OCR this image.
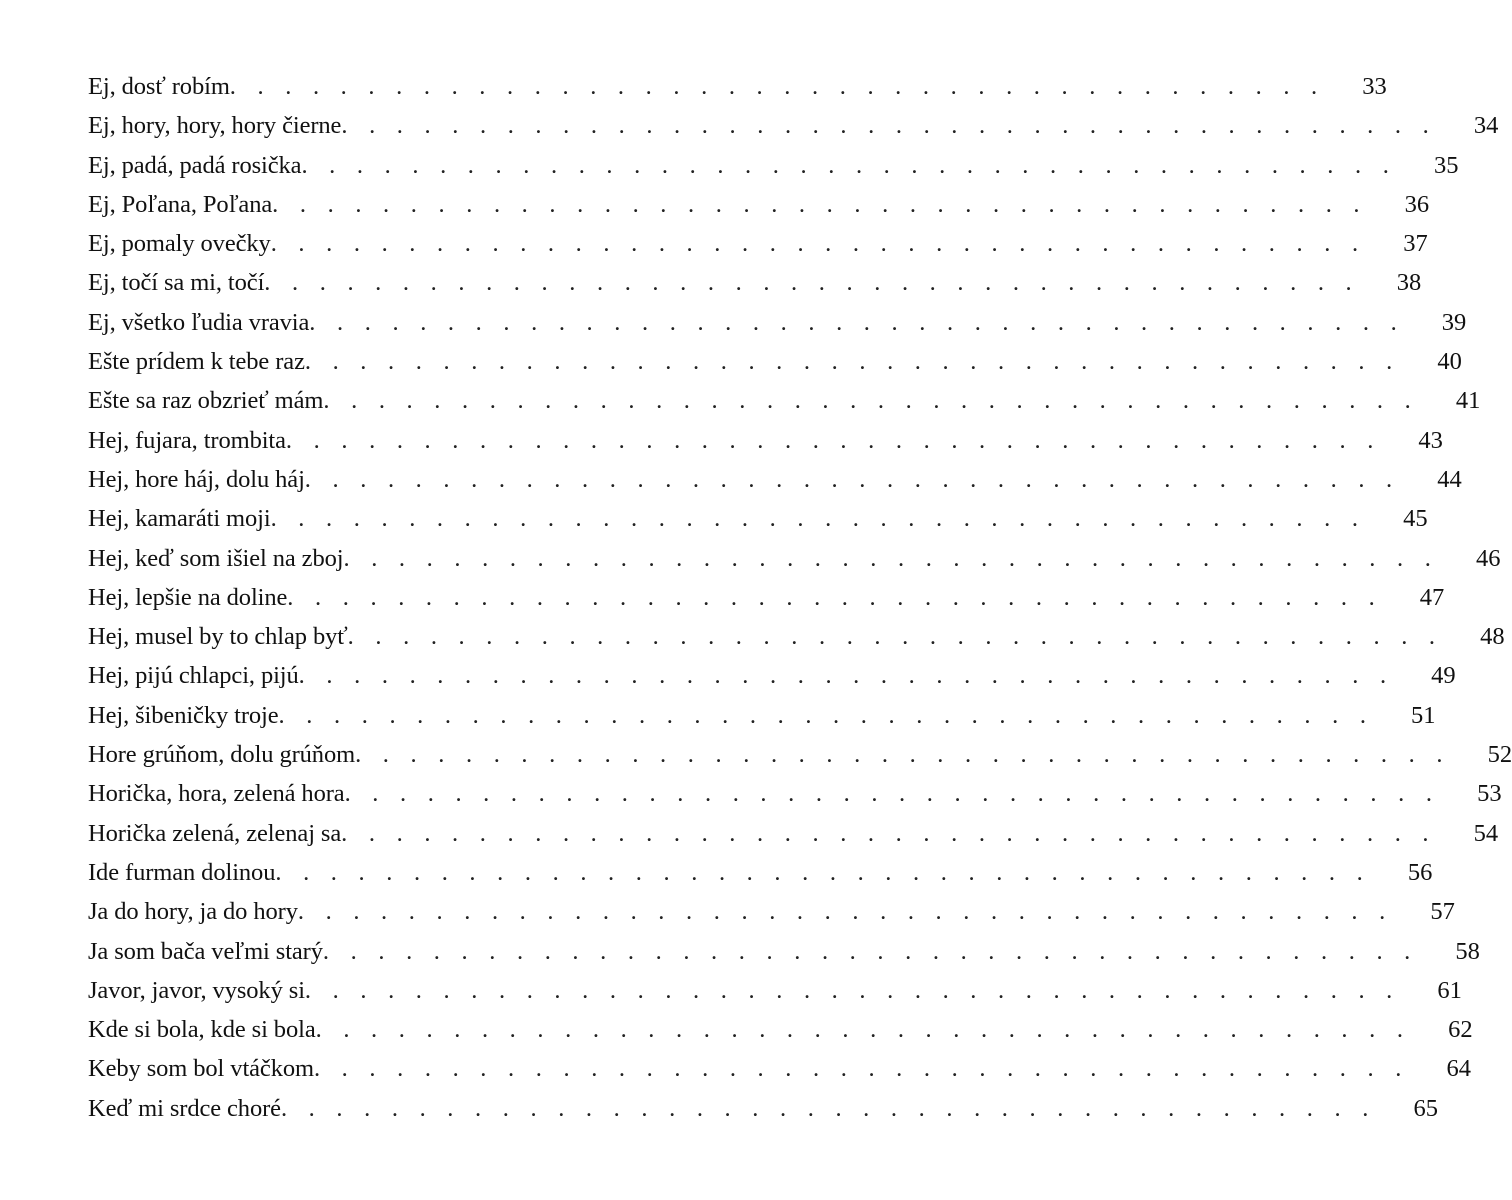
Ej, dosť robím ........................................ 33
Ej, hory, hory, hory čierne ........................................ 34
Ej, padá, padá rosička ........................................ 35
Ej, Poľana, Poľana ........................................ 36
Ej, pomaly ovečky ........................................ 37
Ej, točí sa mi, točí ........................................ 38
Ej, všetko ľudia vravia ........................................ 39
Ešte prídem k tebe raz ........................................ 40
Ešte sa raz obzrieť mám ........................................ 41
Hej, fujara, trombita ........................................ 43
Hej, hore háj, dolu háj ........................................ 44
Hej, kamaráti moji ........................................ 45
Hej, keď som išiel na zboj ........................................ 46
Hej, lepšie na doline ........................................ 47
Hej, musel by to chlap byť ........................................ 48
Hej, pijú chlapci, pijú ........................................ 49
Hej, šibeničky troje ........................................ 51
Hore grúňom, dolu grúňom ........................................ 52
Horička, hora, zelená hora ........................................ 53
Horička zelená, zelenaj sa ........................................ 54
Ide furman dolinou ........................................ 56
Ja do hory, ja do hory ........................................ 57
Ja som bača veľmi starý ........................................ 58
Javor, javor, vysoký si ........................................ 61
Kde si bola, kde si bola ........................................ 62
Keby som bol vtáčkom ........................................ 64
Keď mi srdce choré ........................................ 65
